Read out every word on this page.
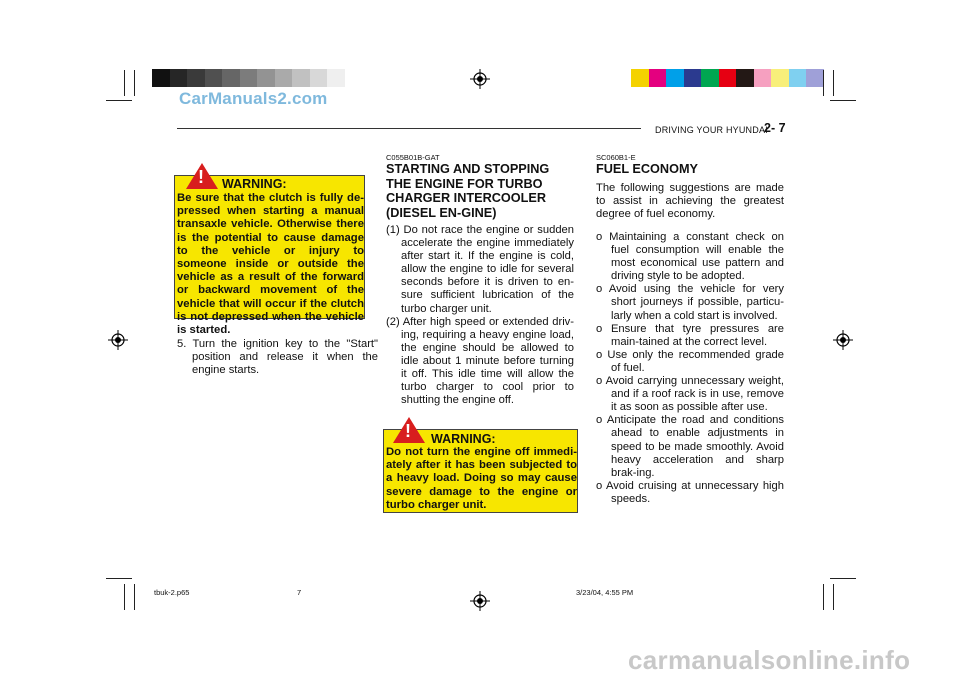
CarManuals2.com
DRIVING YOUR HYUNDAI
2- 7
! WARNING:
Be sure that the clutch is fully de-pressed when starting a manual transaxle vehicle. Otherwise there is the potential to cause damage to the vehicle or injury to someone inside or outside the vehicle as a result of the forward or backward movement of the vehicle that will occur if the clutch is not depressed when the vehicle is started.
5. Turn the ignition key to the "Start" position and release it when the engine starts.
C055B01B-GAT
STARTING AND STOPPING THE ENGINE FOR TURBO CHARGER INTERCOOLER (DIESEL EN-GINE)
(1) Do not race the engine or sudden accelerate the engine immediately after start it. If the engine is cold, allow the engine to idle for several seconds before it is driven to en-sure sufficient lubrication of the turbo charger unit.
(2) After high speed or extended driv-ing, requiring a heavy engine load, the engine should be allowed to idle about 1 minute before turning it off. This idle time will allow the turbo charger to cool prior to shutting the engine off.
! WARNING:
Do not turn the engine off immedi-ately after it has been subjected to a heavy load. Doing so may cause severe damage to the engine or turbo charger unit.
SC060B1-E
FUEL ECONOMY
The following suggestions are made to assist in achieving the greatest degree of fuel economy.
o Maintaining a constant check on fuel consumption will enable the most economical use pattern and driving style to be adopted.
o Avoid using the vehicle for very short journeys if possible, particu-larly when a cold start is involved.
o Ensure that tyre pressures are main-tained at the correct level.
o Use only the recommended grade of fuel.
o Avoid carrying unnecessary weight, and if a roof rack is in use, remove it as soon as possible after use.
o Anticipate the road and conditions ahead to enable adjustments in speed to be made smoothly. Avoid heavy acceleration and sharp brak-ing.
o Avoid cruising at unnecessary high speeds.
tbuk-2.p65	7	3/23/04, 4:55 PM
carmanualsonline.info
